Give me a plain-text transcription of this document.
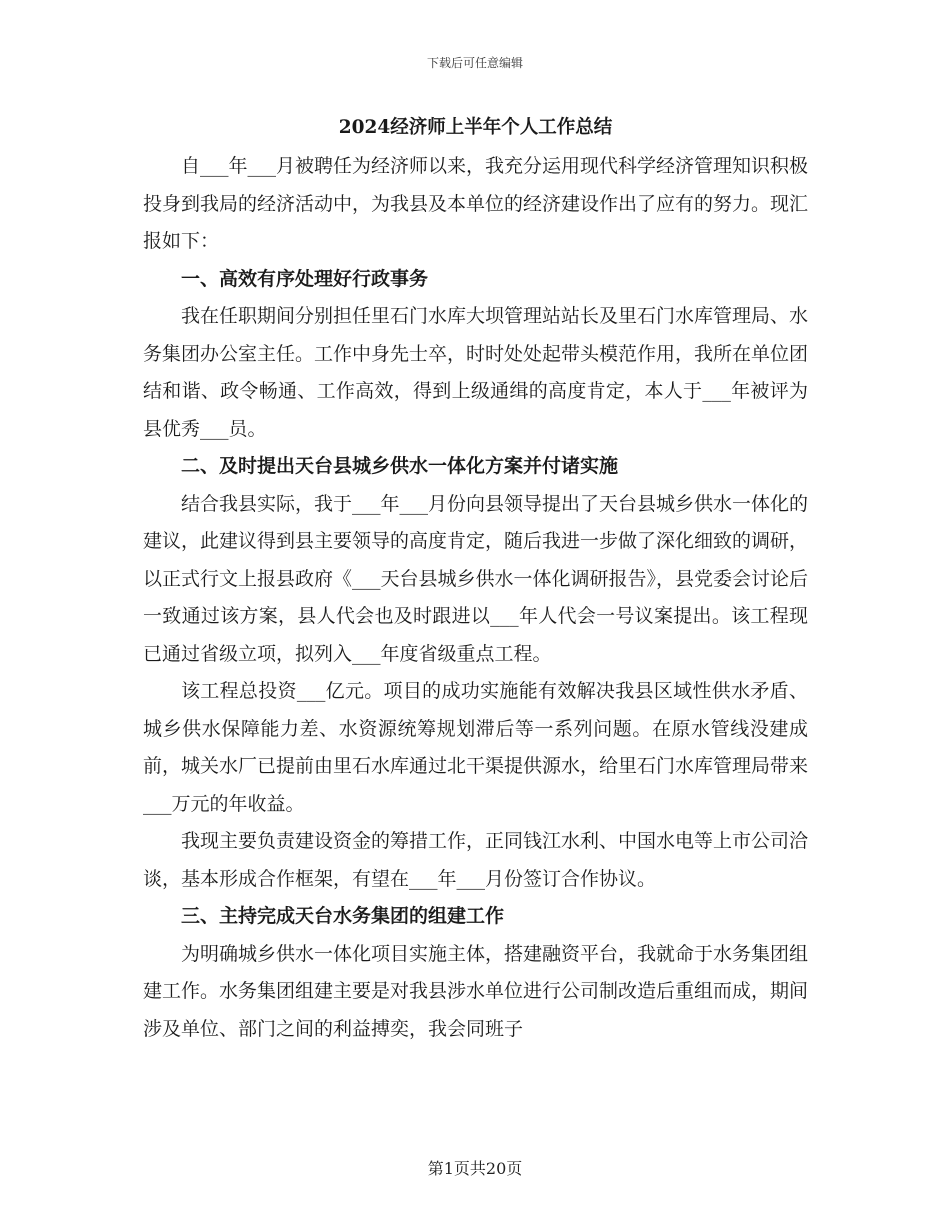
下载后可任意编辑
2024经济师上半年个人工作总结

自___年___月被聘任为经济师以来，我充分运用现代科学经济管理知识积极投身到我局的经济活动中，为我县及本单位的经济建设作出了应有的努力。现汇报如下：

一、高效有序处理好行政事务

我在任职期间分别担任里石门水库大坝管理站站长及里石门水库管理局、水务集团办公室主任。工作中身先士卒，时时处处起带头模范作用，我所在单位团结和谐、政令畅通、工作高效，得到上级通缉的高度肯定，本人于___年被评为县优秀___员。

二、及时提出天台县城乡供水一体化方案并付诸实施

结合我县实际，我于___年___月份向县领导提出了天台县城乡供水一体化的建议，此建议得到县主要领导的高度肯定，随后我进一步做了深化细致的调研，以正式行文上报县政府《___天台县城乡供水一体化调研报告》，县党委会讨论后一致通过该方案，县人代会也及时跟进以___年人代会一号议案提出。该工程现已通过省级立项，拟列入___年度省级重点工程。

该工程总投资___亿元。项目的成功实施能有效解决我县区域性供水矛盾、城乡供水保障能力差、水资源统筹规划滞后等一系列问题。在原水管线没建成前，城关水厂已提前由里石水库通过北干渠提供源水，给里石门水库管理局带来___万元的年收益。

我现主要负责建设资金的筹措工作，正同钱江水利、中国水电等上市公司洽谈，基本形成合作框架，有望在___年___月份签订合作协议。

三、主持完成天台水务集团的组建工作

为明确城乡供水一体化项目实施主体，搭建融资平台，我就命于水务集团组建工作。水务集团组建主要是对我县涉水单位进行公司制改造后重组而成，期间涉及单位、部门之间的利益搏奕，我会同班子

第1页共20页
